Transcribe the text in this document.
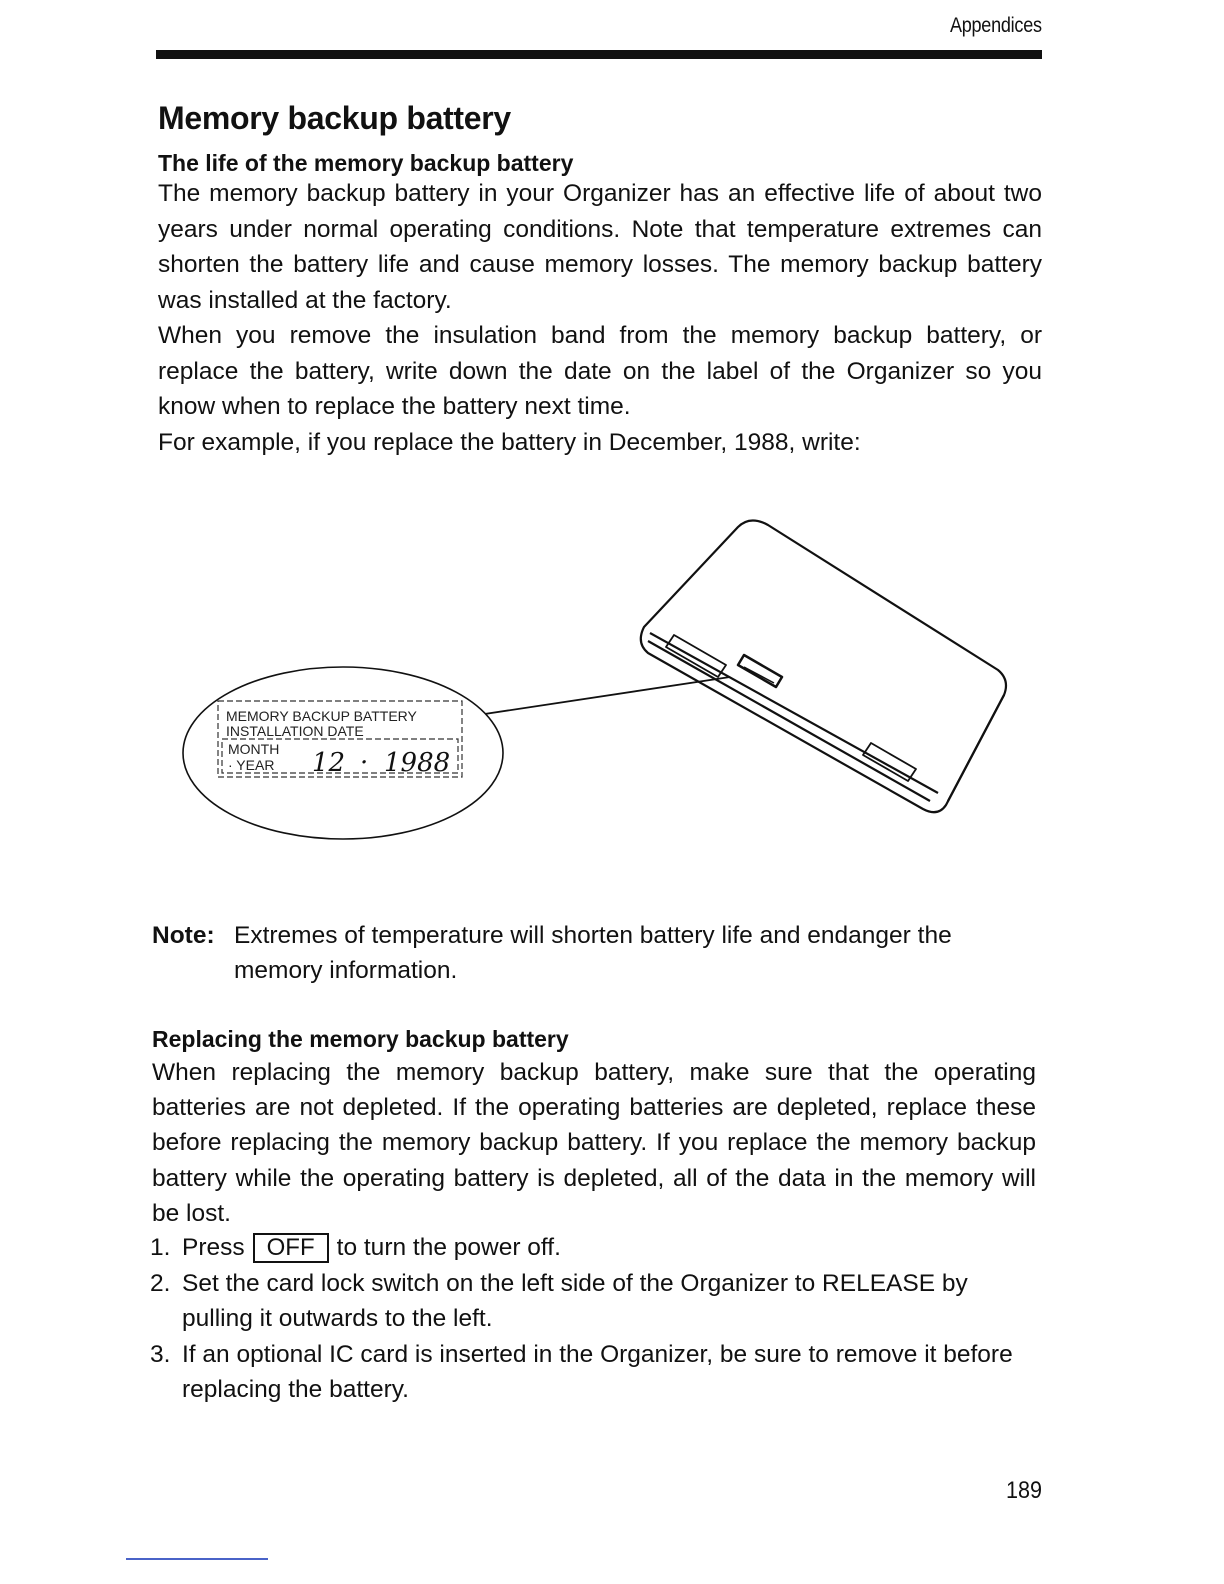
Appendices
Memory backup battery
The life of the memory backup battery

The memory backup battery in your Organizer has an effective life of about two years under normal operating conditions. Note that temperature extremes can shorten the battery life and cause memory losses. The memory backup battery was installed at the factory.

When you remove the insulation band from the memory backup battery, or replace the battery, write down the date on the label of the Organizer so you know when to replace the battery next time.

For example, if you replace the battery in December, 1988, write:

MEMORY BACKUP BATTERY
INSTALLATION DATE
MONTH
· YEAR 12 · 1988
Note: Extremes of temperature will shorten battery life and endanger the memory information.
Replacing the memory backup battery

When replacing the memory backup battery, make sure that the operating batteries are not depleted. If the operating batteries are depleted, replace these before replacing the memory backup battery. If you replace the memory backup battery while the operating battery is depleted, all of the data in the memory will be lost.

1. Press OFF to turn the power off.
2. Set the card lock switch on the left side of the Organizer to RELEASE by pulling it outwards to the left.
3. If an optional IC card is inserted in the Organizer, be sure to remove it before replacing the battery.
189
